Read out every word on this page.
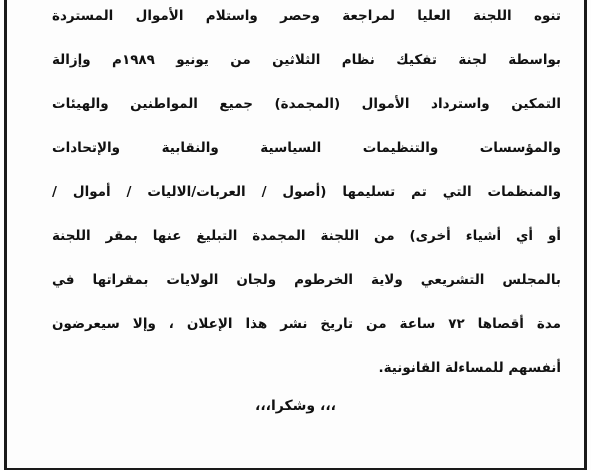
تنوه اللجنة العليا لمراجعة وحصر واستلام الأموال المستردة
بواسطة لجنة تفكيك نظام الثلاثين من يونيو ١٩٨٩م وإزالة
التمكين واسترداد الأموال (المجمدة) جميع المواطنين والهيئات
والمؤسسات والتنظيمات السياسية والنقابية والإتحادات
والمنظمات التي تم تسليمها (أصول / العربات/الاليات / أموال /
أو أي أشياء أخرى) من اللجنة المجمدة التبليغ عنها بمقر اللجنة
بالمجلس التشريعي ولاية الخرطوم ولجان الولايات بمقراتها في
مدة أقصاها ٧٢ ساعة من تاريخ نشر هذا الإعلان ، وإلا سيعرضون
أنفسهم للمساءلة القانونية.
،،، وشكرا،،،
